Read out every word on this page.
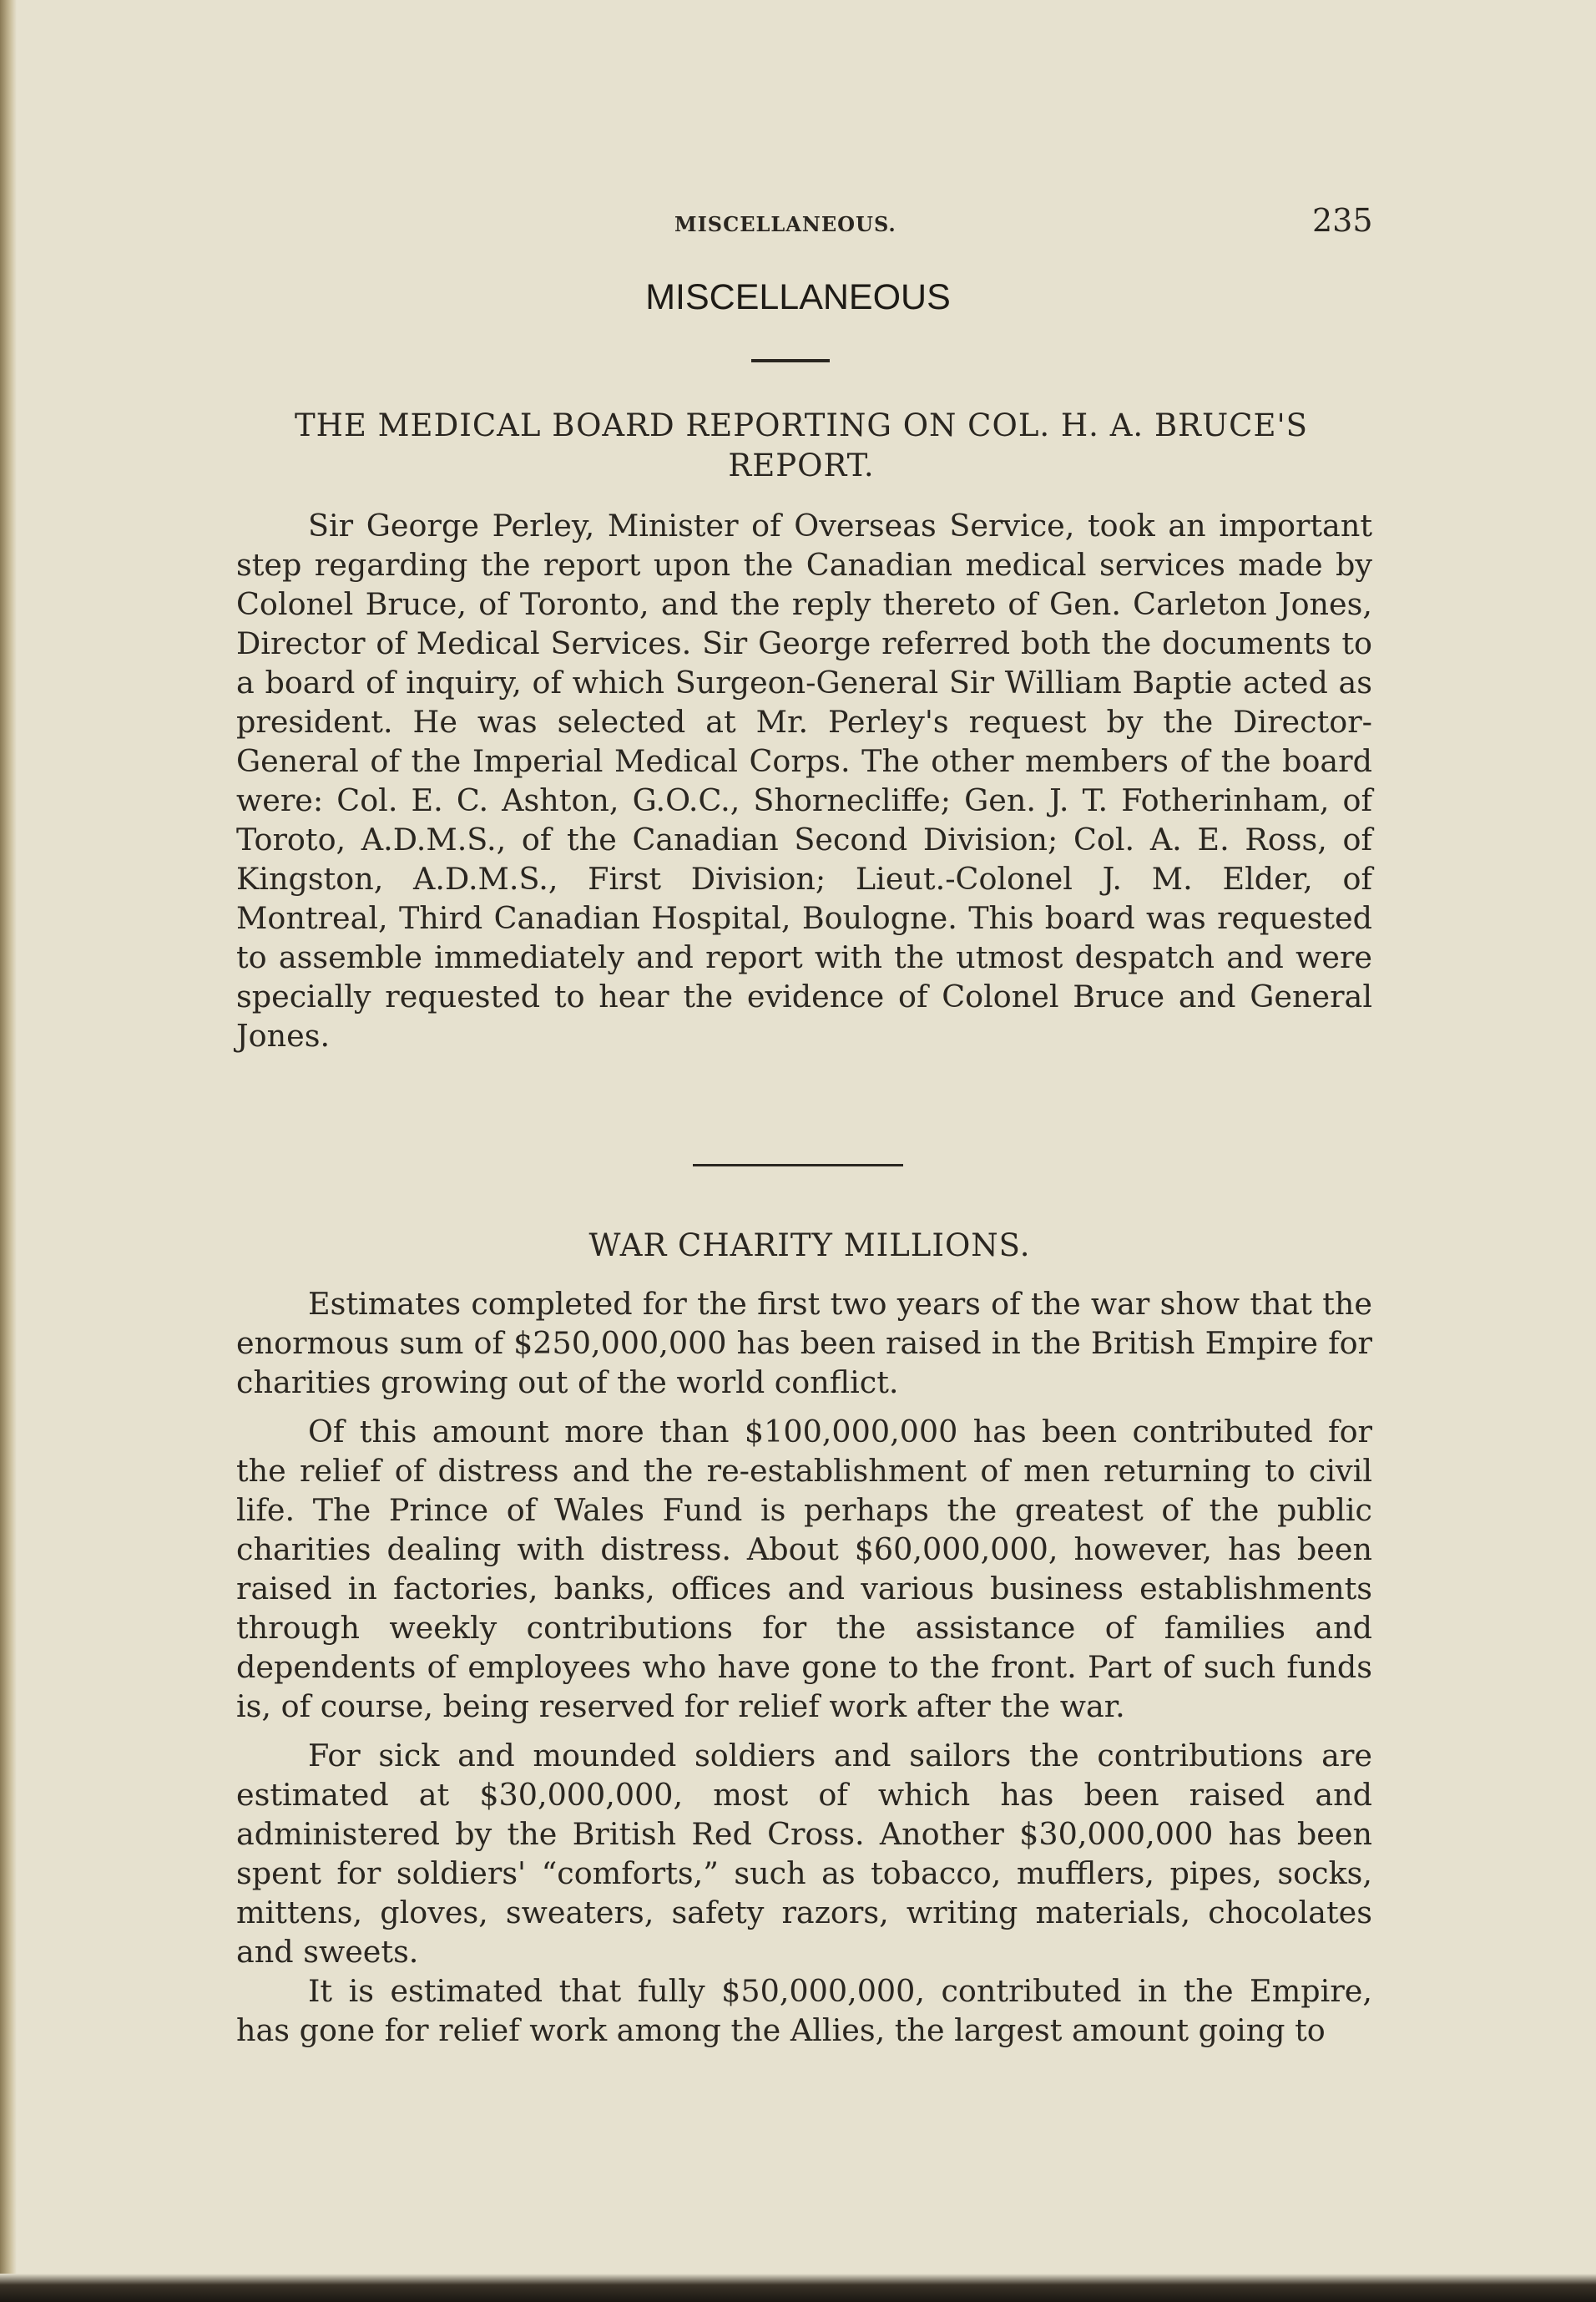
MISCELLANEOUS.	235
MISCELLANEOUS
THE MEDICAL BOARD REPORTING ON COL. H. A. BRUCE'S REPORT.

Sir George Perley, Minister of Overseas Service, took an important step regarding the report upon the Canadian medical services made by Colonel Bruce, of Toronto, and the reply thereto of Gen. Carleton Jones, Director of Medical Services. Sir George referred both the documents to a board of inquiry, of which Surgeon-General Sir William Baptie acted as president. He was selected at Mr. Perley's request by the Director-General of the Imperial Medical Corps. The other members of the board were: Col. E. C. Ashton, G.O.C., Shornecliffe; Gen. J. T. Fotherinham, of Toroto, A.D.M.S., of the Canadian Second Division; Col. A. E. Ross, of Kingston, A.D.M.S., First Division; Lieut.-Colonel J. M. Elder, of Montreal, Third Canadian Hospital, Boulogne. This board was requested to assemble immediately and report with the utmost despatch and were specially requested to hear the evidence of Colonel Bruce and General Jones.

WAR CHARITY MILLIONS.

Estimates completed for the first two years of the war show that the enormous sum of $250,000,000 has been raised in the British Empire for charities growing out of the world conflict.

Of this amount more than $100,000,000 has been contributed for the relief of distress and the re-establishment of men returning to civil life. The Prince of Wales Fund is perhaps the greatest of the public charities dealing with distress. About $60,000,000, however, has been raised in factories, banks, offices and various business establishments through weekly contributions for the assistance of families and dependents of employees who have gone to the front. Part of such funds is, of course, being reserved for relief work after the war.

For sick and mounded soldiers and sailors the contributions are estimated at $30,000,000, most of which has been raised and administered by the British Red Cross. Another $30,000,000 has been spent for soldiers' “comforts,” such as tobacco, mufflers, pipes, socks, mittens, gloves, sweaters, safety razors, writing materials, chocolates and sweets.

It is estimated that fully $50,000,000, contributed in the Empire, has gone for relief work among the Allies, the largest amount going to
